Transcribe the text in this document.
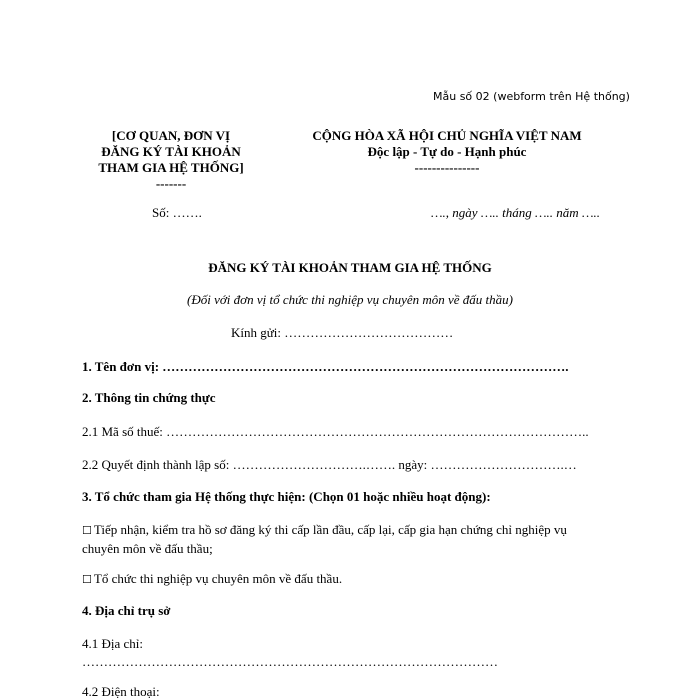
Mẫu số 02 (webform trên Hệ thống)
[CƠ QUAN, ĐƠN VỊ
ĐĂNG KÝ TÀI KHOẢN
THAM GIA HỆ THỐNG]
-------
Số: …….
CỘNG HÒA XÃ HỘI CHỦ NGHĨA VIỆT NAM
Độc lập - Tự do - Hạnh phúc
---------------
…., ngày ….. tháng ….. năm …..
ĐĂNG KÝ TÀI KHOẢN THAM GIA HỆ THỐNG
(Đối với đơn vị tổ chức thi nghiệp vụ chuyên môn về đấu thầu)
Kính gửi: …………………………………
1. Tên đơn vị: ………………………………………………………………………………….
2. Thông tin chứng thực
2.1 Mã số thuế: ……………………………………………………………………………………..
2.2 Quyết định thành lập số: ………………………….……. ngày: ………………………….…
3. Tổ chức tham gia Hệ thống thực hiện: (Chọn 01 hoặc nhiều hoạt động):
☐ Tiếp nhận, kiểm tra hồ sơ đăng ký thi cấp lần đầu, cấp lại, cấp gia hạn chứng chỉ nghiệp vụ
chuyên môn về đấu thầu;
☐ Tổ chức thi nghiệp vụ chuyên môn về đấu thầu.
4. Địa chỉ trụ sở
4.1 Địa chỉ:
……………………………………………………………………………………
4.2 Điện thoại:
